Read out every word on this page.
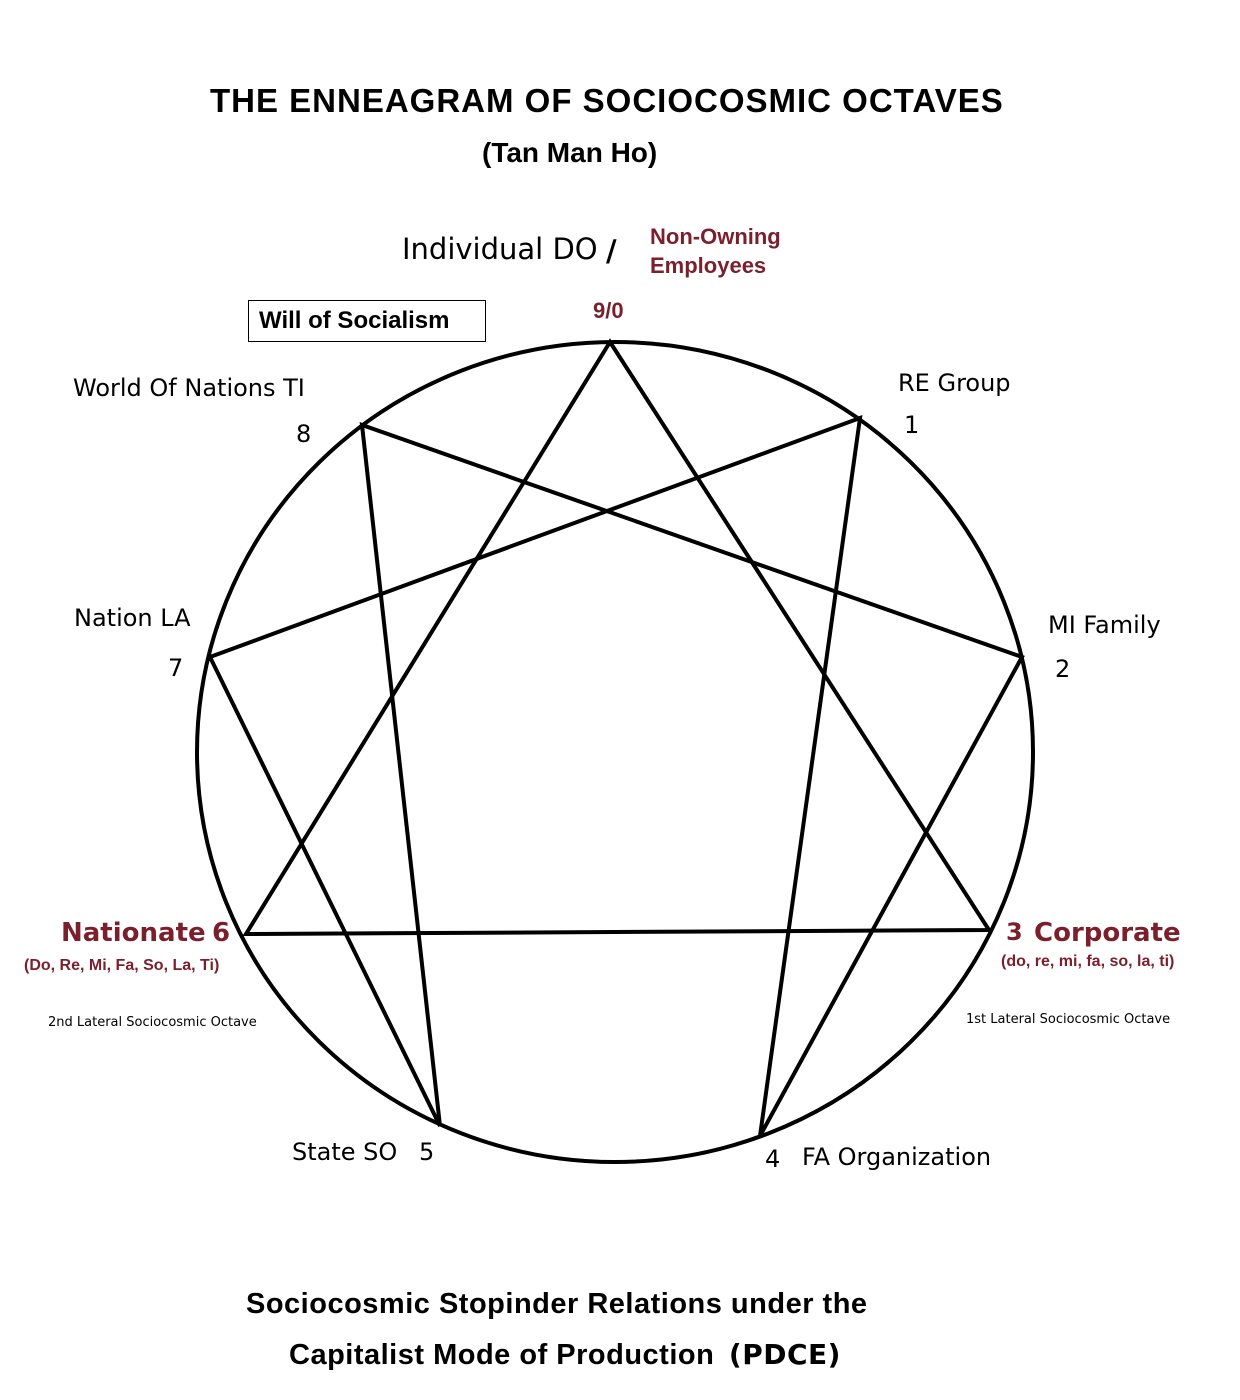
THE ENNEAGRAM OF SOCIOCOSMIC OCTAVES
(Tan Man Ho)
Individual DO / Non-Owning
Employees
9/0
Will of Socialism
RE Group
1
MI Family
2
3 Corporate
(do, re, mi, fa, so, la, ti)
1st Lateral Sociocosmic Octave
4 FA Organization
State SO 5
Nationate 6
(Do, Re, Mi, Fa, So, La, Ti)
2nd Lateral Sociocosmic Octave
Nation LA
7
World Of Nations TI
8
Sociocosmic Stopinder Relations under the
Capitalist Mode of Production (PDCE)
